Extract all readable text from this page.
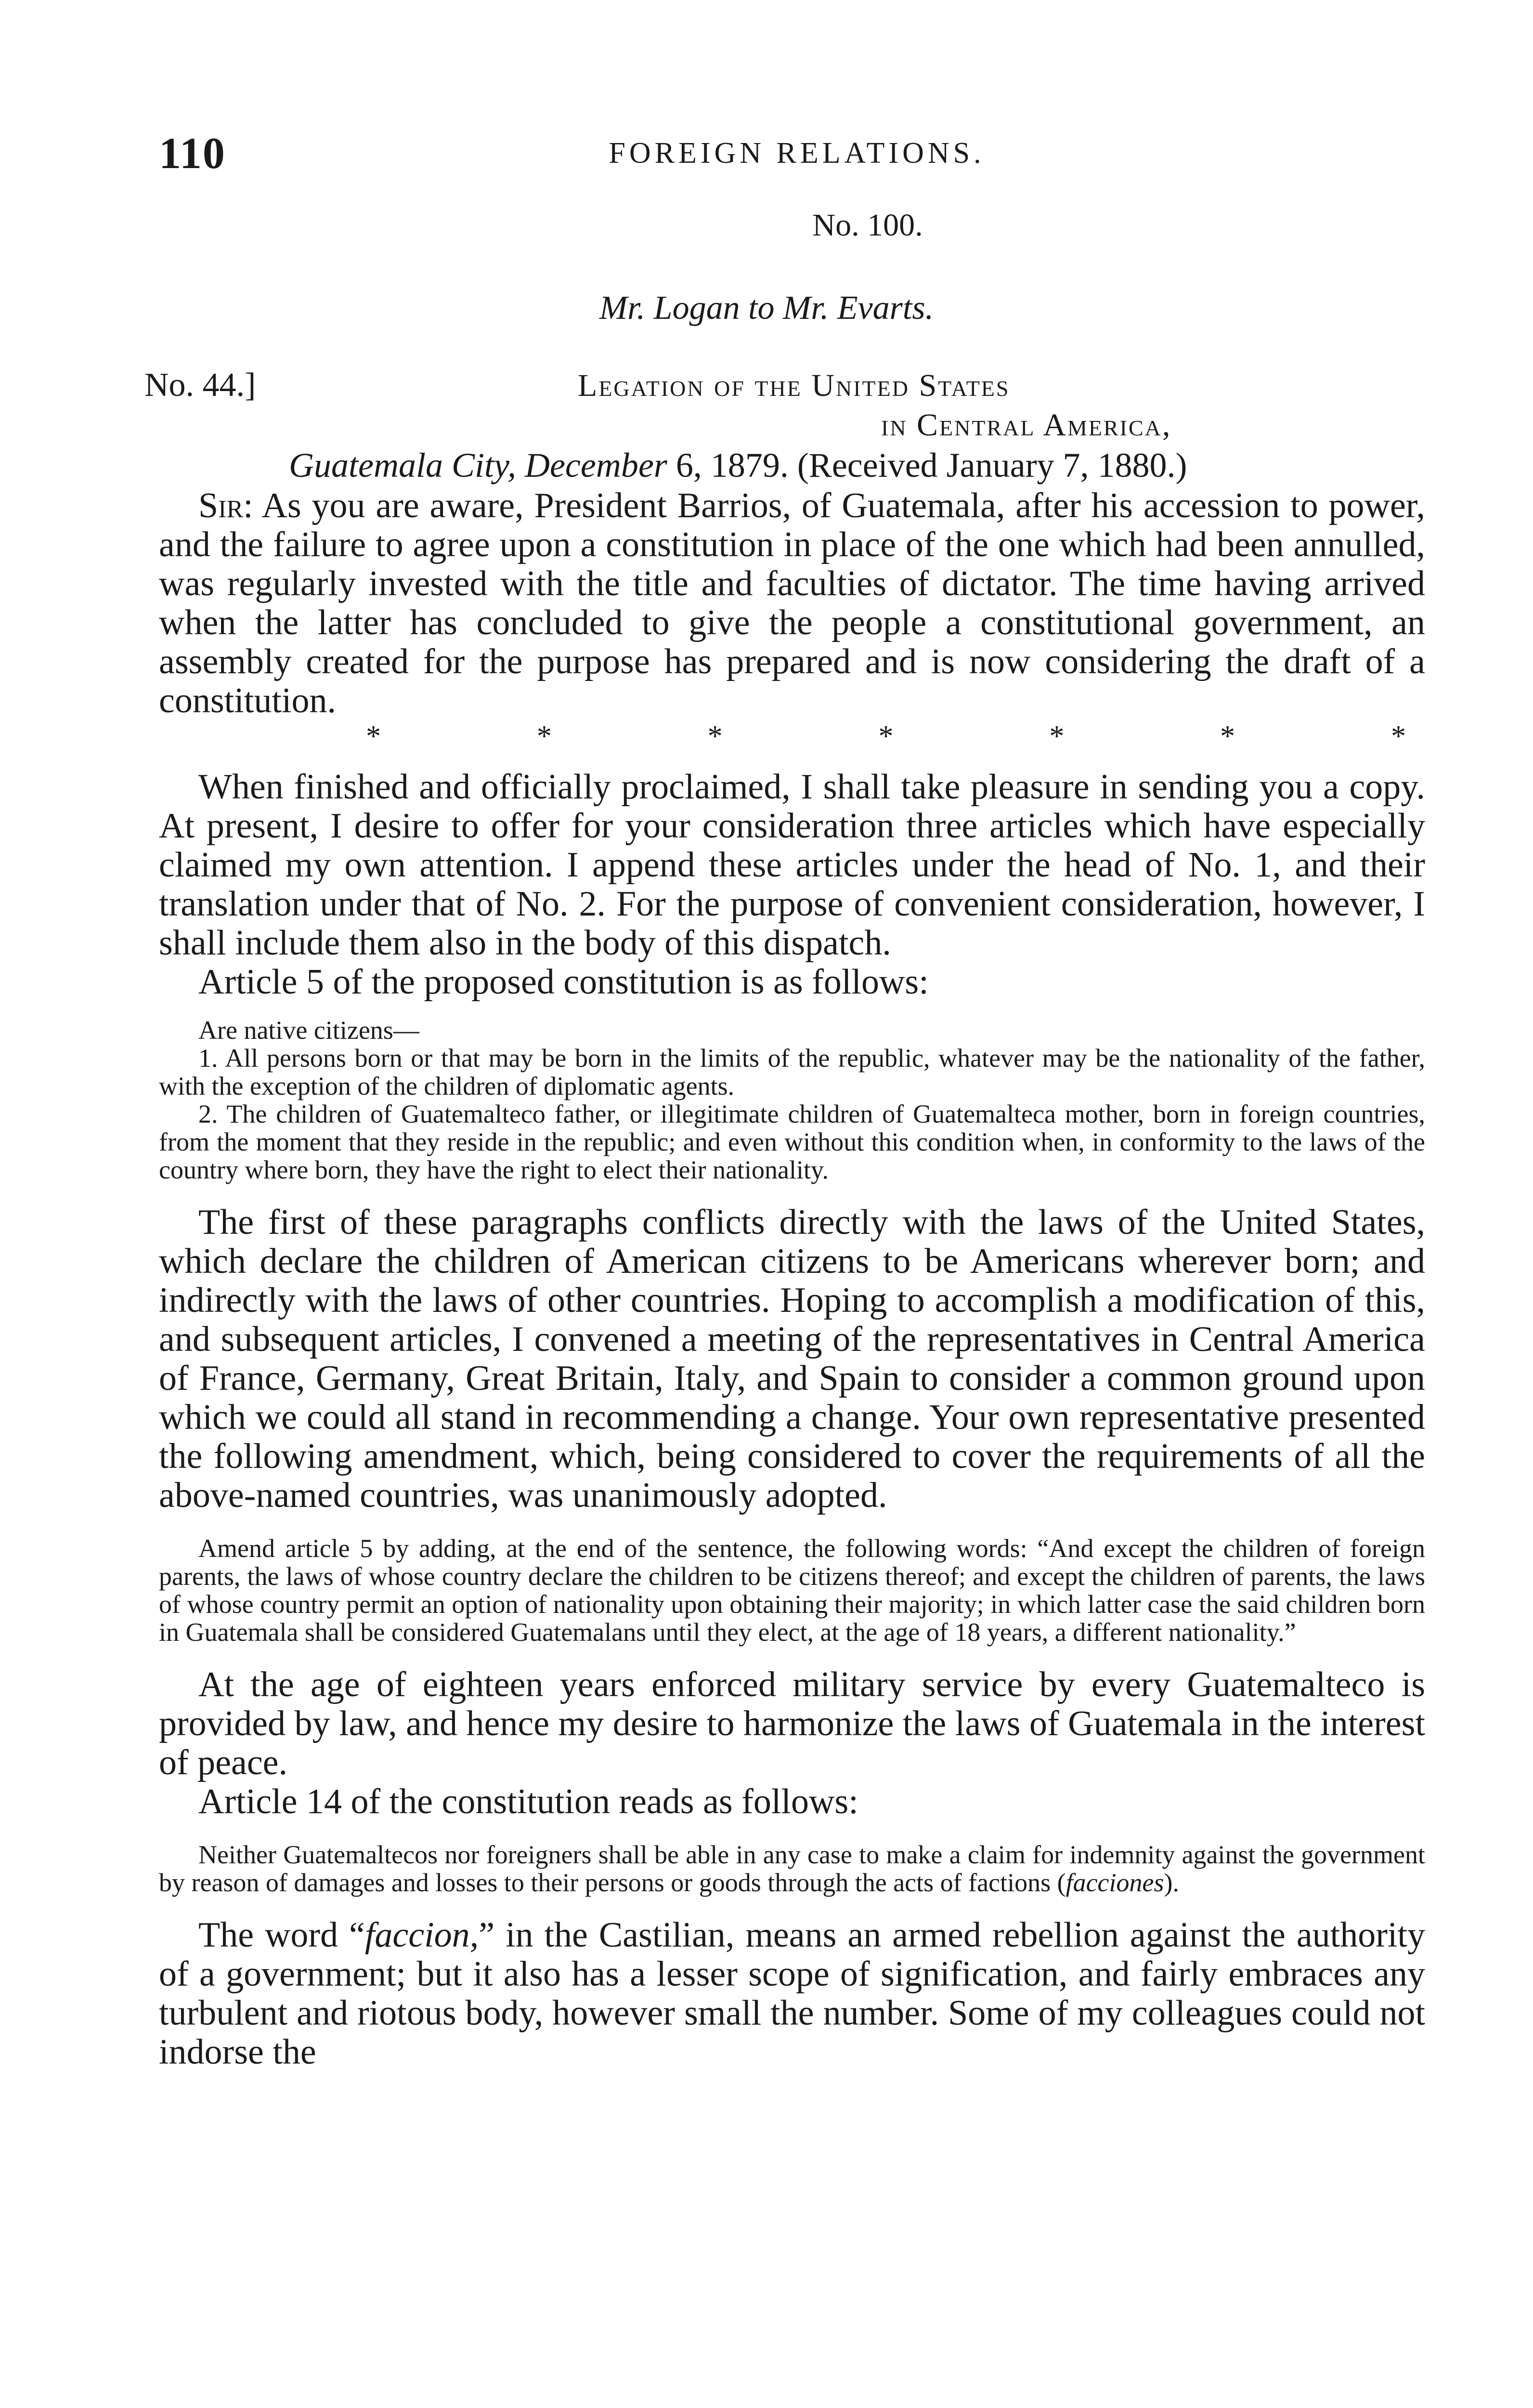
110	FOREIGN RELATIONS.
No. 100.
Mr. Logan to Mr. Evarts.
No. 44.]	Legation of the United States
in Central America,
Guatemala City, December 6, 1879. (Received January 7, 1880.)

Sir: As you are aware, President Barrios, of Guatemala, after his accession to power, and the failure to agree upon a constitution in place of the one which had been annulled, was regularly invested with the title and faculties of dictator. The time having arrived when the latter has concluded to give the people a constitutional government, an assembly created for the purpose has prepared and is now considering the draft of a constitution.

*	*	*	*	*	*	*

When finished and officially proclaimed, I shall take pleasure in sending you a copy. At present, I desire to offer for your consideration three articles which have especially claimed my own attention. I append these articles under the head of No. 1, and their translation under that of No. 2. For the purpose of convenient consideration, however, I shall include them also in the body of this dispatch.

Article 5 of the proposed constitution is as follows:

Are native citizens—

1. All persons born or that may be born in the limits of the republic, whatever may be the nationality of the father, with the exception of the children of diplomatic agents.

2. The children of Guatemalteco father, or illegitimate children of Guatemalteca mother, born in foreign countries, from the moment that they reside in the republic; and even without this condition when, in conformity to the laws of the country where born, they have the right to elect their nationality.

The first of these paragraphs conflicts directly with the laws of the United States, which declare the children of American citizens to be Americans wherever born; and indirectly with the laws of other countries. Hoping to accomplish a modification of this, and subsequent articles, I convened a meeting of the representatives in Central America of France, Germany, Great Britain, Italy, and Spain to consider a common ground upon which we could all stand in recommending a change. Your own representative presented the following amendment, which, being considered to cover the requirements of all the above-named countries, was unanimously adopted.

Amend article 5 by adding, at the end of the sentence, the following words: “And except the children of foreign parents, the laws of whose country declare the children to be citizens thereof; and except the children of parents, the laws of whose country permit an option of nationality upon obtaining their majority; in which latter case the said children born in Guatemala shall be considered Guatemalans until they elect, at the age of 18 years, a different nationality.”

At the age of eighteen years enforced military service by every Guatemalteco is provided by law, and hence my desire to harmonize the laws of Guatemala in the interest of peace.

Article 14 of the constitution reads as follows:

Neither Guatemaltecos nor foreigners shall be able in any case to make a claim for indemnity against the government by reason of damages and losses to their persons or goods through the acts of factions (facciones).

The word “faccion,” in the Castilian, means an armed rebellion against the authority of a government; but it also has a lesser scope of signification, and fairly embraces any turbulent and riotous body, however small the number. Some of my colleagues could not indorse the
